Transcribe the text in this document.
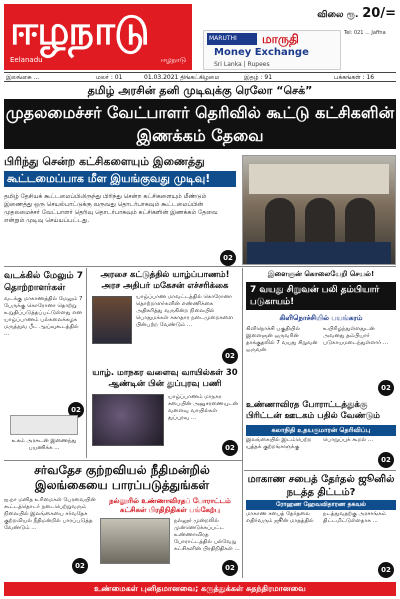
ஈழநாடு
Eelanadu	ஈழநாடு
MARUTHI	மாருதி
Money Exchange
Sri Lanka | Rupees
Tel: 021 ... Jaffna
விலை ரூ. 20/=
இலங்கை ...	மலர் : 01	01.03.2021 திங்கட்கிழமை	இதழ் : 91	பக்கங்கள் : 16
தமிழ் அரசின் தனி முடிவுக்கு ரெலோ “செக்”
முதலமைச்சர் வேட்பாளர் தெரிவில் கூட்டு கட்சிகளின் இணக்கம் தேவை
பிரிந்து சென்ற கட்சிகளையும் இணைத்து
கூட்டமைப்பாக மீள இயங்குவது முடிவு!
தமிழ் தேசியக் கூட்டமைப்பிலிருந்து பிரிந்து சென்ற கட்சிகளையும் மீண்டும் இணைத்து ஒரு செயல்பாட்டுக்கு வருவது தொடர்பாகவும் கூட்டமைப்பின் முதலமைச்சர் வேட்பாளர் தெரிவு தொடர்பாகவும் கட்சிகளின் இணக்கம் தேவை என்றும் முடிவு செய்யப்பட்டது.
02
வடக்கில் மேலும் 7 தொற்றாளர்கள்
வடக்கு மாகாணத்தில் மேலும் 7 பேருக்கு கொரோனா தொற்று உறுதிப்படுத்தப்பட்டுள்ளது என யாழ்ப்பாணம் பல்கலைக்கழக மருத்துவ பீட ஆய்வுகூடத்தில் ...
02
உகம் அரசுடன் இணைந்து பயணிக்க ...
அரசை கட்டுத்தில் யாழ்ப்பாணம்! அரச அதிபர் மகேசன் எச்சரிக்கை
யாழ்ப்பாண மாவட்டத்தில் கொரோனா தொற்றாளர்களின் எண்ணிக்கை அதிகரித்து வருகின்ற நிலையில் பொதுமக்கள் சுகாதார நடைமுறைகளை பின்பற்ற வேண்டும் ...
02
யாழ். மாநகர வளைவு வாயில்கள் 30 ஆண்டின் பின் துப்புரவு பணி
யாழ்ப்பாணம் மாநகர சபையின் அனுசரணையுடன் வளைவு வாயில்கள் துப்புரவு ...
02
இளைஞன் கொலையேறி செயல்!
7 வயது சிறுவன் பலி தம்பியார் படுகாயம்!
கிளிநொச்சியில் பயங்கரம்
கிளிநொச்சி பகுதியில் இளைஞன் ஒருவரின் தாக்குதலில் 7 வயது சிறுவன் ஒருவன் உயிரிழந்துள்ளதுடன் அவனது தம்பியார் படுகாயமடைந்துள்ளார் ...
02
உண்ணாவிரத போராட்டத்துக்கு பிரிட்டன் ஊடகம் பதில் வேண்டும்
கலாநிதி உதயகுமாரன் தெரிவிப்பு
இலங்கையில் இடம்பெற்ற யுத்தக் குற்றங்களுக்கு பொறுப்புக் கூறல் ...
02
சர்வதேச குற்றவியல் நீதிமன்றில் இலங்கையை பாரப்படுத்துங்கள்
ஐ.நா மனித உரிமைகள் பேரவையின் கூட்டத்தொடர் நடைபெற்றுவரும் நிலையில் இலங்கையை சர்வதேச குற்றவியல் நீதிமன்றில் பாரப்படுத்த வேண்டும் ...
02
நல்லூரில் உண்ணாவிரதப் போராட்டம் கட்சிகள் பிரதிநிதிகள் பங்கேற்பு
நல்லூர் முன்றலில் முன்னெடுக்கப்பட்ட உண்ணாவிரத போராட்டத்தில் பல்வேறு கட்சிகளின் பிரதிநிதிகள் ...
02
மாகாண சபைத் தேர்தல் ஜூனில் நடத்த திட்டம்?
ரோஹண ஹேவவிதாரண தகவல்
மாகாண சபைத் தேர்தலை எதிர்வரும் ஜூன் மாதத்தில் நடத்துவதற்கு அரசாங்கம் திட்டமிட்டுள்ளதாக ...
02
உண்மைகள் புனிதமானவை; கருத்துக்கள் சுதந்திரமானவை
